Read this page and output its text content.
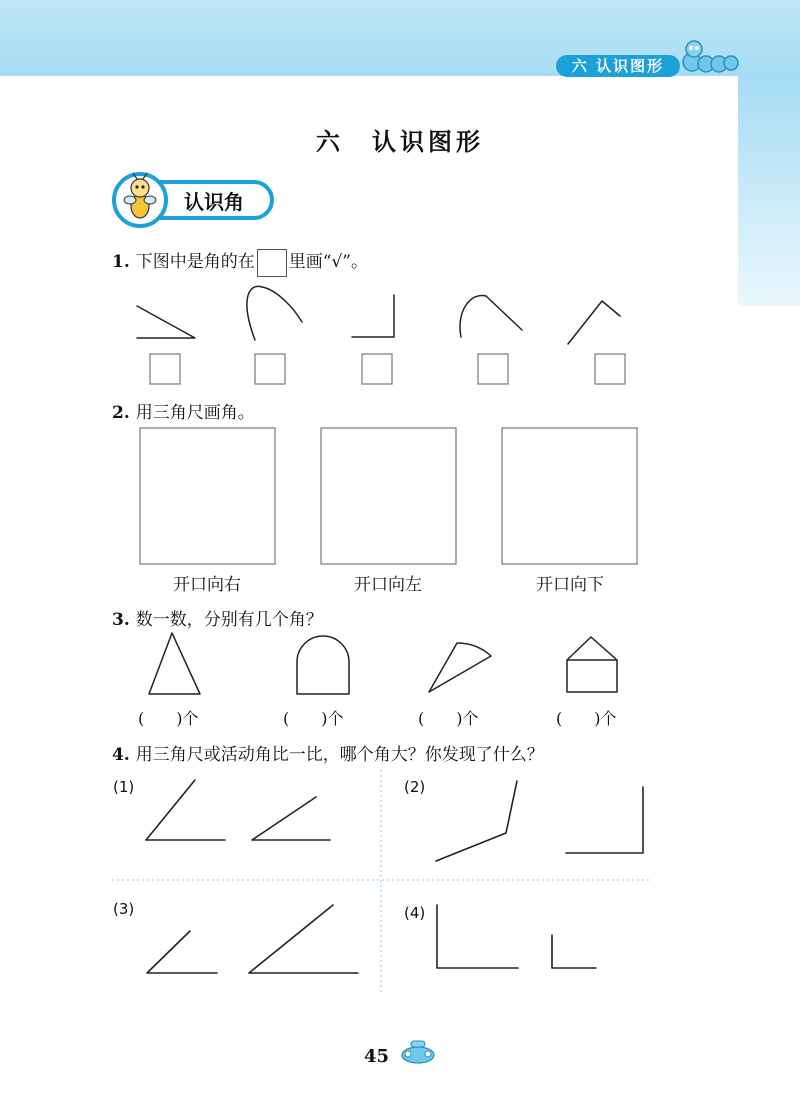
六 认识图形
六　认识图形
认识角
1. 下图中是角的在 里画“√”。
2. 用三角尺画角。
开口向右	开口向左	开口向下
3. 数一数，分别有几个角？
(　　)个	(　　)个	(　　)个	(　　)个
4. 用三角尺或活动角比一比，哪个角大？你发现了什么？
(1)	(2)
(3)	(4)
45
